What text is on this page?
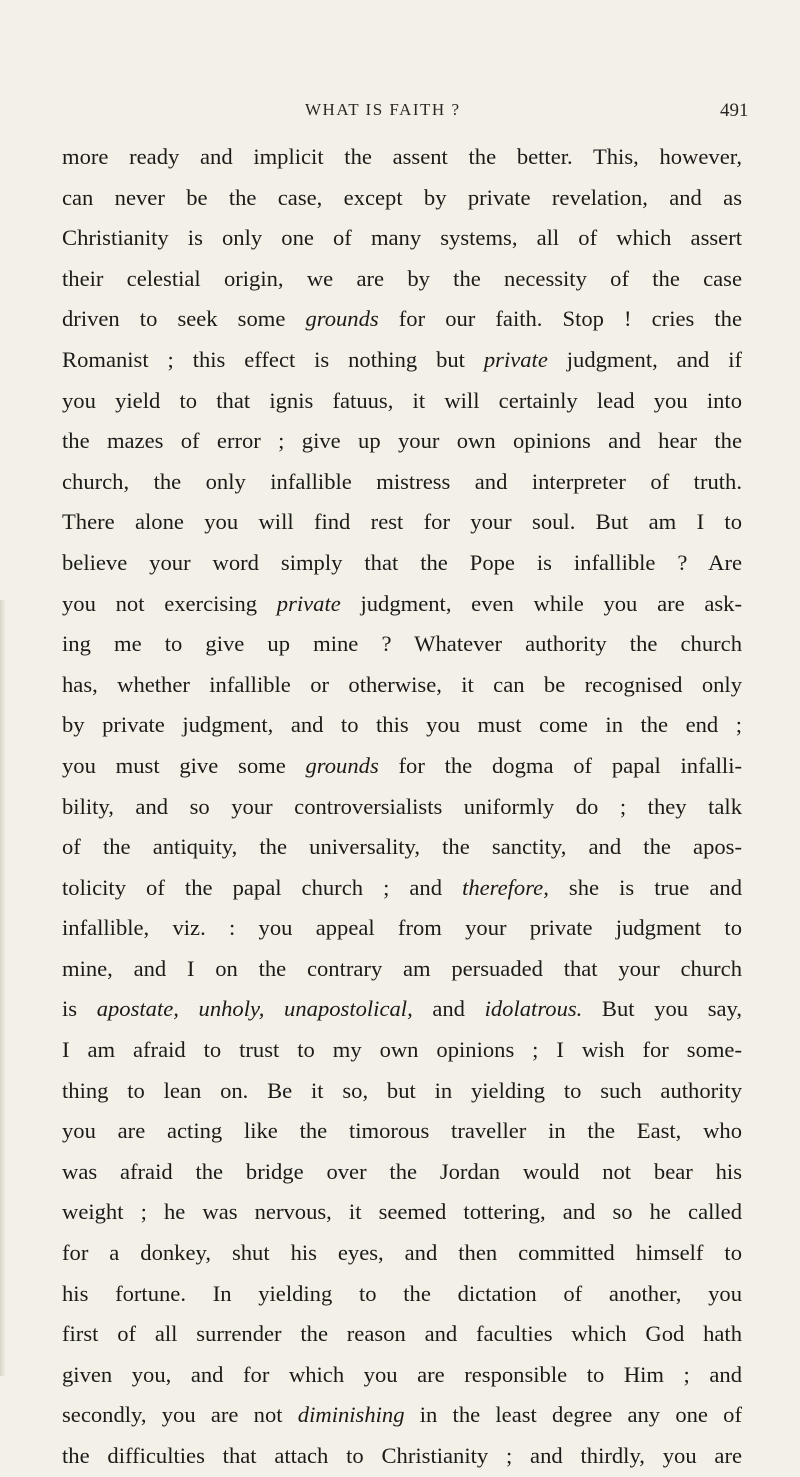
WHAT IS FAITH ?	491
more ready and implicit the assent the better. This, however,
can never be the case, except by private revelation, and as
Christianity is only one of many systems, all of which assert
their celestial origin, we are by the necessity of the case
driven to seek some grounds for our faith. Stop ! cries the
Romanist ; this effect is nothing but private judgment, and if
you yield to that ignis fatuus, it will certainly lead you into
the mazes of error ; give up your own opinions and hear the
church, the only infallible mistress and interpreter of truth.
There alone you will find rest for your soul. But am I to
believe your word simply that the Pope is infallible ? Are
you not exercising private judgment, even while you are ask-
ing me to give up mine ? Whatever authority the church
has, whether infallible or otherwise, it can be recognised only
by private judgment, and to this you must come in the end ;
you must give some grounds for the dogma of papal infalli-
bility, and so your controversialists uniformly do ; they talk
of the antiquity, the universality, the sanctity, and the apos-
tolicity of the papal church ; and therefore, she is true and
infallible, viz. : you appeal from your private judgment to
mine, and I on the contrary am persuaded that your church
is apostate, unholy, unapostolical, and idolatrous. But you say,
I am afraid to trust to my own opinions ; I wish for some-
thing to lean on. Be it so, but in yielding to such authority
you are acting like the timorous traveller in the East, who
was afraid the bridge over the Jordan would not bear his
weight ; he was nervous, it seemed tottering, and so he called
for a donkey, shut his eyes, and then committed himself to
his fortune. In yielding to the dictation of another, you
first of all surrender the reason and faculties which God hath
given you, and for which you are responsible to Him ; and
secondly, you are not diminishing in the least degree any one of
the difficulties that attach to Christianity ; and thirdly, you are
